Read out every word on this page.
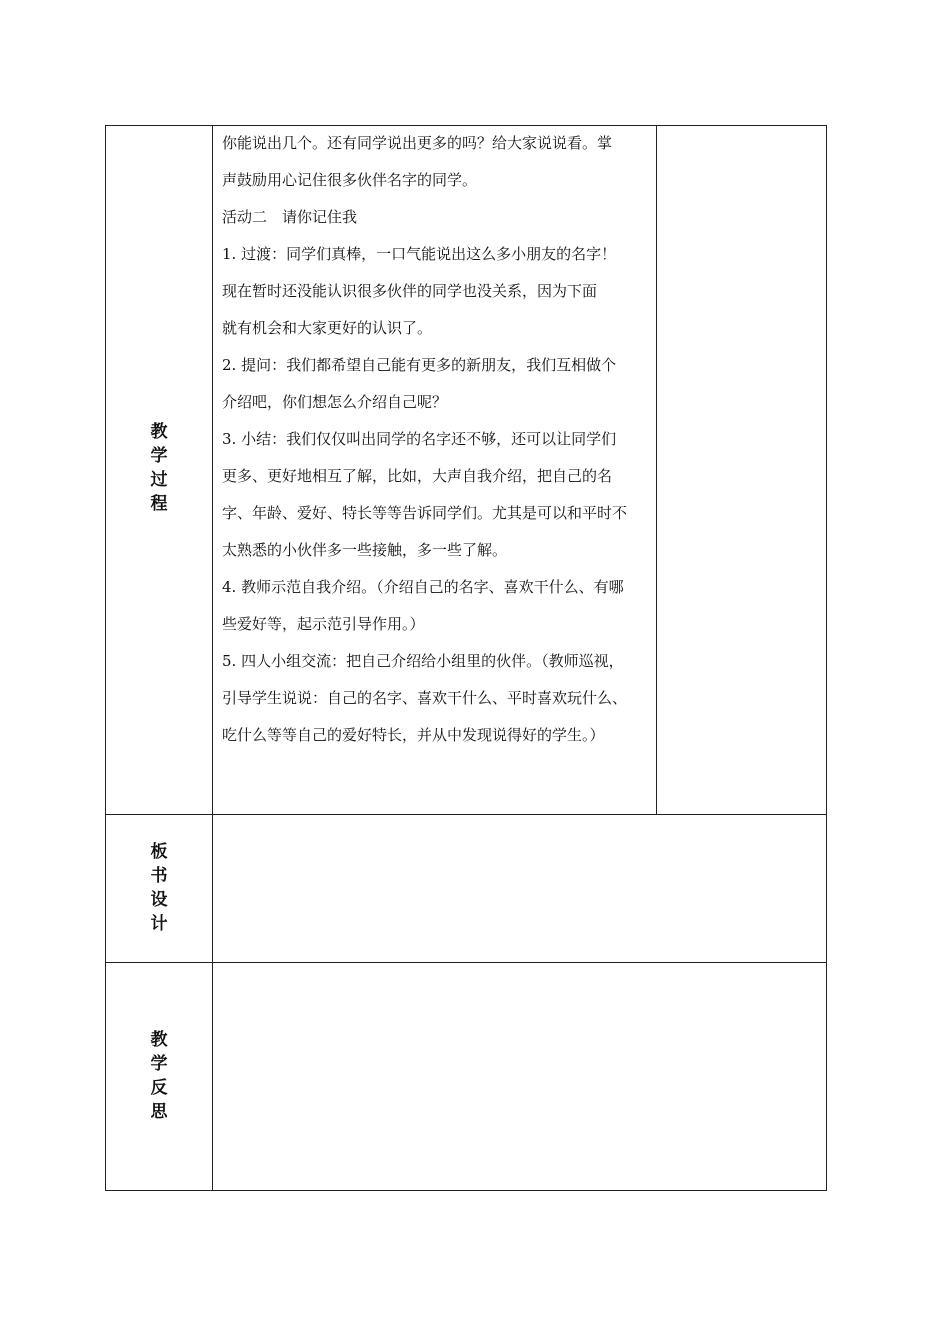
教
学
过
程

你能说出几个。还有同学说出更多的吗？给大家说说看。掌

声鼓励用心记住很多伙伴名字的同学。

活动二　请你记住我

1. 过渡：同学们真棒，一口气能说出这么多小朋友的名字！

现在暂时还没能认识很多伙伴的同学也没关系，因为下面

就有机会和大家更好的认识了。

2. 提问：我们都希望自己能有更多的新朋友，我们互相做个

介绍吧，你们想怎么介绍自己呢？

3. 小结：我们仅仅叫出同学的名字还不够，还可以让同学们

更多、更好地相互了解，比如，大声自我介绍，把自己的名

字、年龄、爱好、特长等等告诉同学们。尤其是可以和平时不

太熟悉的小伙伴多一些接触，多一些了解。

4. 教师示范自我介绍。（介绍自己的名字、喜欢干什么、有哪

些爱好等，起示范引导作用。）

5. 四人小组交流：把自己介绍给小组里的伙伴。（教师巡视，

引导学生说说：自己的名字、喜欢干什么、平时喜欢玩什么、

吃什么等等自己的爱好特长，并从中发现说得好的学生。）

板
书
设
计
教
学
反
思
